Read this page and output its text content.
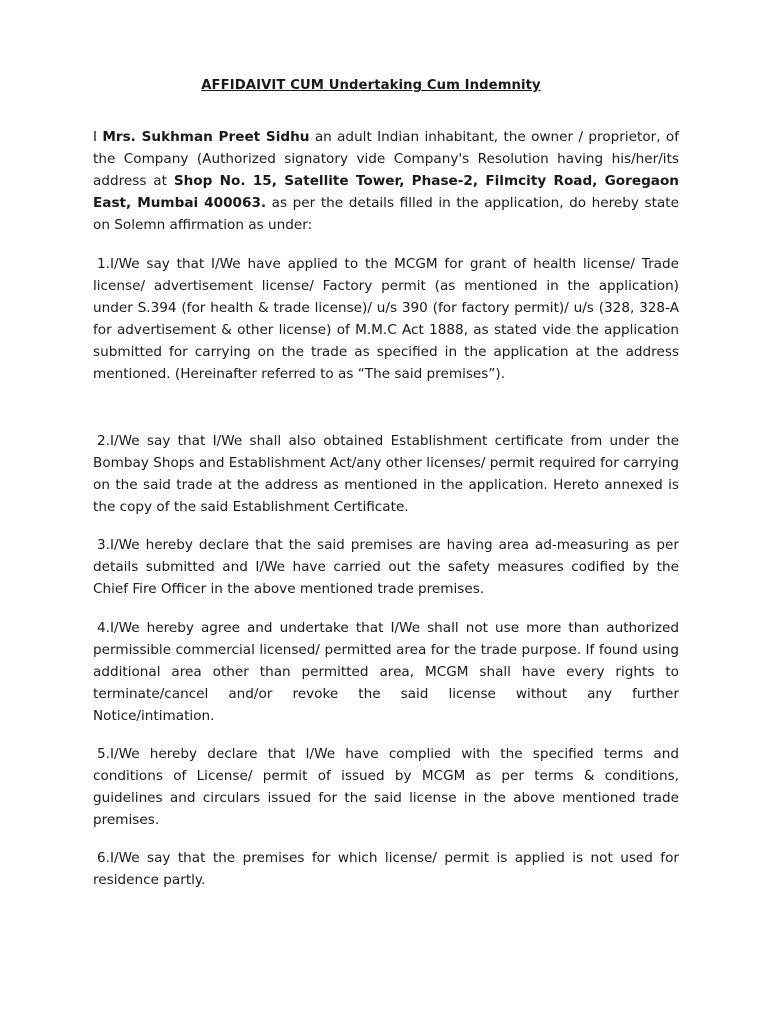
AFFIDAIVIT CUM Undertaking Cum Indemnity

I Mrs. Sukhman Preet Sidhu an adult Indian inhabitant, the owner / proprietor, of the Company (Authorized signatory vide Company's Resolution having his/her/its address at Shop No. 15, Satellite Tower, Phase-2, Filmcity Road, Goregaon East, Mumbai 400063. as per the details filled in the application, do hereby state on Solemn affirmation as under:

1.I/We say that I/We have applied to the MCGM for grant of health license/ Trade license/ advertisement license/ Factory permit (as mentioned in the application) under S.394 (for health & trade license)/ u/s 390 (for factory permit)/ u/s (328, 328-A for advertisement & other license) of M.M.C Act 1888, as stated vide the application submitted for carrying on the trade as specified in the application at the address mentioned. (Hereinafter referred to as “The said premises”).

2.I/We say that I/We shall also obtained Establishment certificate from under the Bombay Shops and Establishment Act/any other licenses/ permit required for carrying on the said trade at the address as mentioned in the application. Hereto annexed is the copy of the said Establishment Certificate.

3.I/We hereby declare that the said premises are having area ad-measuring as per details submitted and I/We have carried out the safety measures codified by the Chief Fire Officer in the above mentioned trade premises.

4.I/We hereby agree and undertake that I/We shall not use more than authorized permissible commercial licensed/ permitted area for the trade purpose. If found using additional area other than permitted area, MCGM shall have every rights to terminate/cancel and/or revoke the said license without any further Notice/intimation.

5.I/We hereby declare that I/We have complied with the specified terms and conditions of License/ permit of issued by MCGM as per terms & conditions, guidelines and circulars issued for the said license in the above mentioned trade premises.

6.I/We say that the premises for which license/ permit is applied is not used for residence partly.
